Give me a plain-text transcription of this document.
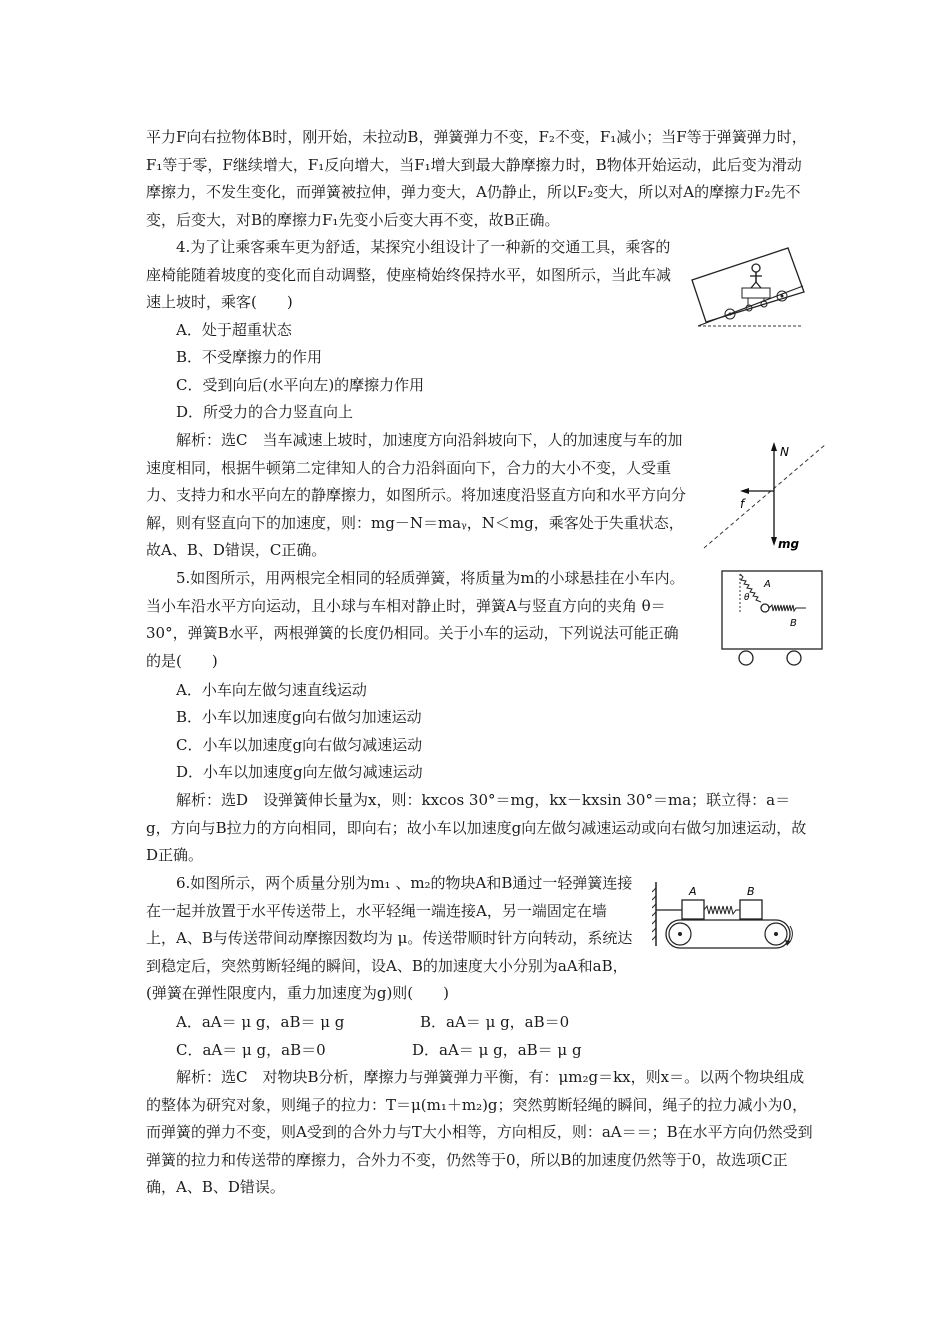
平力F向右拉物体B时，刚开始，未拉动B，弹簧弹力不变，F₂不变，F₁减小；当F等于弹簧弹力时，F₁等于零，F继续增大，F₁反向增大，当F₁增大到最大静摩擦力时，B物体开始运动，此后变为滑动摩擦力，不发生变化，而弹簧被拉伸，弹力变大，A仍静止，所以F₂变大，所以对A的摩擦力F₂先不变，后变大，对B的摩擦力F₁先变小后变大再不变，故B正确。

4.为了让乘客乘车更为舒适，某探究小组设计了一种新的交通工具，乘客的座椅能随着坡度的变化而自动调整，使座椅始终保持水平，如图所示，当此车减速上坡时，乘客(　　)

A．处于超重状态

B．不受摩擦力的作用

C．受到向后(水平向左)的摩擦力作用

D．所受力的合力竖直向上

解析：选C　当车减速上坡时，加速度方向沿斜坡向下，人的加速度与车的加速度相同，根据牛顿第二定律知人的合力沿斜面向下，合力的大小不变，人受重力、支持力和水平向左的静摩擦力，如图所示。将加速度沿竖直方向和水平方向分解，则有竖直向下的加速度，则：mg－N＝maᵧ，N＜mg，乘客处于失重状态，故A、B、D错误，C正确。

N
f
mg

5.如图所示，用两根完全相同的轻质弹簧，将质量为m的小球悬挂在小车内。当小车沿水平方向运动，且小球与车相对静止时，弹簧A与竖直方向的夹角 θ＝30°，弹簧B水平，两根弹簧的长度仍相同。关于小车的运动，下列说法可能正确的是(　　)

A．小车向左做匀速直线运动

B．小车以加速度g向右做匀加速运动

C．小车以加速度g向右做匀减速运动

D．小车以加速度g向左做匀减速运动

解析：选D　设弹簧伸长量为x，则：kxcos 30°＝mg，kx－kxsin 30°＝ma；联立得：a＝g，方向与B拉力的方向相同，即向右；故小车以加速度g向左做匀减速运动或向右做匀加速运动，故D正确。

θ
A
B

6.如图所示，两个质量分别为m₁ 、m₂的物块A和B通过一轻弹簧连接在一起并放置于水平传送带上，水平轻绳一端连接A，另一端固定在墙上，A、B与传送带间动摩擦因数均为 μ。传送带顺时针方向转动，系统达到稳定后，突然剪断轻绳的瞬间，设A、B的加速度大小分别为aA和aB，(弹簧在弹性限度内，重力加速度为g)则(　　)

A．aA＝ μ g，aB＝ μ g	B．aA＝ μ g，aB＝0

C．aA＝ μ g，aB＝0	D．aA＝ μ g，aB＝ μ g

解析：选C　对物块B分析，摩擦力与弹簧弹力平衡，有：μm₂g＝kx，则x＝。以两个物块组成的整体为研究对象，则绳子的拉力：T＝μ(m₁＋m₂)g；突然剪断轻绳的瞬间，绳子的拉力减小为0，而弹簧的弹力不变，则A受到的合外力与T大小相等，方向相反，则：aA＝＝；B在水平方向仍然受到弹簧的拉力和传送带的摩擦力，合外力不变，仍然等于0，所以B的加速度仍然等于0，故选项C正确，A、B、D错误。

A	B
